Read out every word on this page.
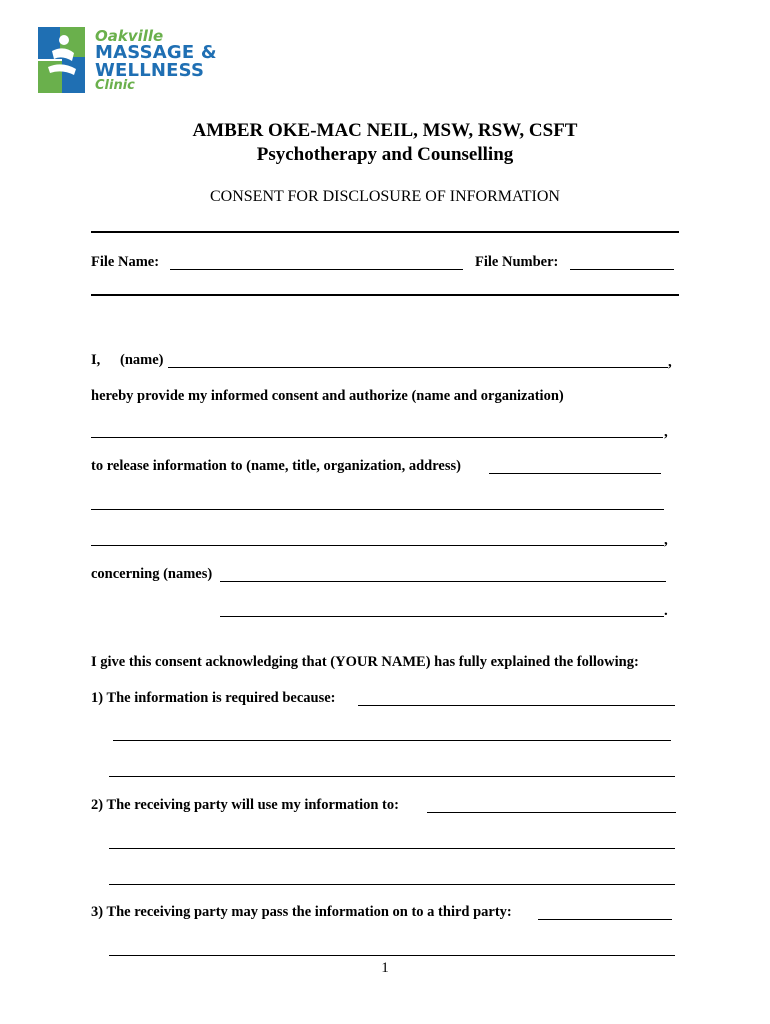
Oakville
MASSAGE &
WELLNESS
Clinic
AMBER OKE-MAC NEIL, MSW, RSW, CSFT
Psychotherapy and Counselling
CONSENT FOR DISCLOSURE OF INFORMATION
File Name:	File Number:
I, (name)	,
hereby provide my informed consent and authorize (name and organization)
,
to release information to (name, title, organization, address)
,
concerning (names)
.
I give this consent acknowledging that (YOUR NAME) has fully explained the following:
1) The information is required because:
2) The receiving party will use my information to:
3) The receiving party may pass the information on to a third party:
1
